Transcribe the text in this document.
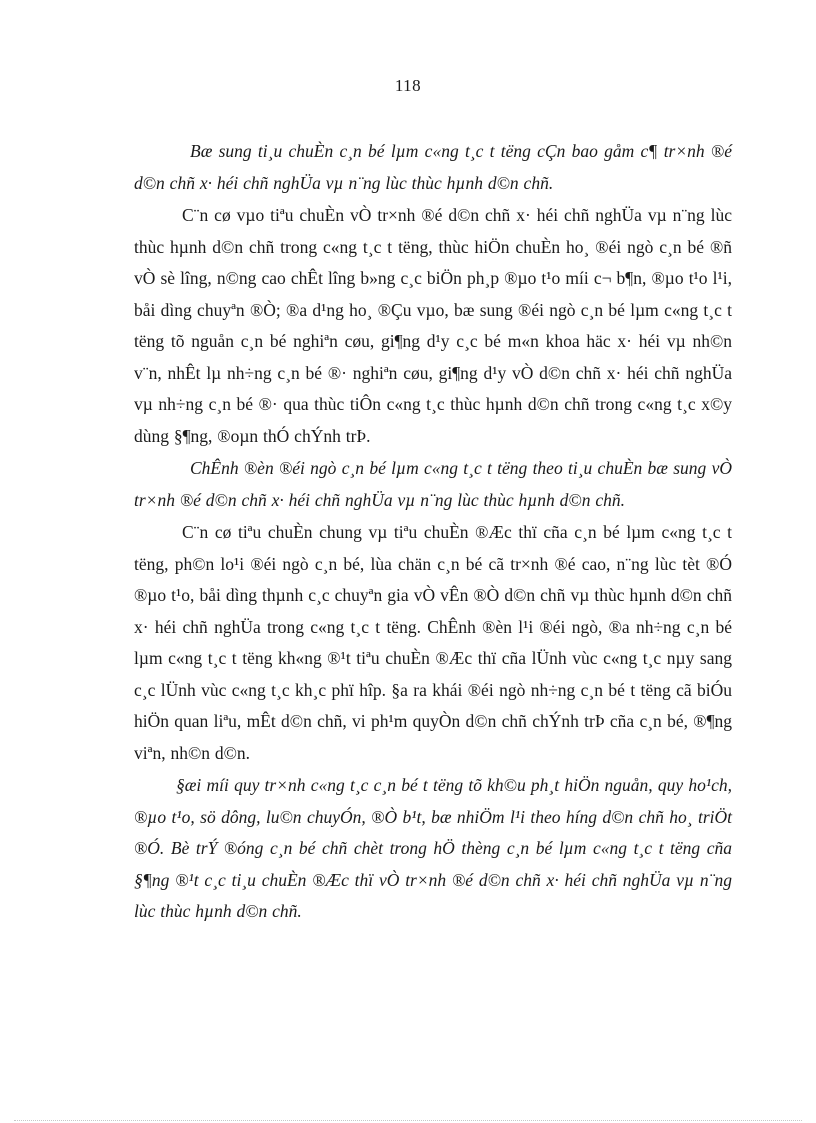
118

Bæ sung ti¸u chuÈn c¸n bé lµm c«ng t¸c t tëng cÇn bao gåm c¶ tr×nh ®é d©n chñ x· héi chñ nghÜa vµ n¨ng lùc thùc hµnh d©n chñ.

C¨n cø vµo tiªu chuÈn vÒ tr×nh ®é d©n chñ x· héi chñ nghÜa vµ n¨ng lùc thùc hµnh d©n chñ trong c«ng t¸c t tëng, thùc hiÖn chuÈn ho¸ ®éi ngò c¸n bé ®ñ vÒ sè lîng, n©ng cao chÊt lîng b»ng c¸c biÖn ph¸p ®µo t¹o míi c¬ b¶n, ®µo t¹o l¹i, båi dìng chuyªn ®Ò; ®a d¹ng ho¸ ®Çu vµo, bæ sung ®éi ngò c¸n bé lµm c«ng t¸c t tëng tõ nguån c¸n bé nghiªn cøu, gi¶ng d¹y c¸c bé m«n khoa häc x· héi vµ nh©n v¨n, nhÊt lµ nh÷ng c¸n bé ®· nghiªn cøu, gi¶ng d¹y vÒ d©n chñ x· héi chñ nghÜa vµ nh÷ng c¸n bé ®· qua thùc tiÔn c«ng t¸c thùc hµnh d©n chñ trong c«ng t¸c x©y dùng §¶ng, ®oµn thÓ chÝnh trÞ.

ChÊnh ®èn ®éi ngò c¸n bé lµm c«ng t¸c t tëng theo ti¸u chuÈn bæ sung vÒ tr×nh ®é d©n chñ x· héi chñ nghÜa vµ n¨ng lùc thùc hµnh d©n chñ.

C¨n cø tiªu chuÈn chung vµ tiªu chuÈn ®Æc thï cña c¸n bé lµm c«ng t¸c t tëng, ph©n lo¹i ®éi ngò c¸n bé, lùa chän c¸n bé cã tr×nh ®é cao, n¨ng lùc tèt ®Ó ®µo t¹o, båi dìng thµnh c¸c chuyªn gia vÒ vÊn ®Ò d©n chñ vµ thùc hµnh d©n chñ x· héi chñ nghÜa trong c«ng t¸c t tëng. ChÊnh ®èn l¹i ®éi ngò, ®a nh÷ng c¸n bé lµm c«ng t¸c t tëng kh«ng ®¹t tiªu chuÈn ®Æc thï cña lÜnh vùc c«ng t¸c nµy sang c¸c lÜnh vùc c«ng t¸c kh¸c phï hîp. §a ra khái ®éi ngò nh÷ng c¸n bé t tëng cã biÓu hiÖn quan liªu, mÊt d©n chñ, vi ph¹m quyÒn d©n chñ chÝnh trÞ cña c¸n bé, ®¶ng viªn, nh©n d©n.

§æi míi quy tr×nh c«ng t¸c c¸n bé t tëng tõ kh©u ph¸t hiÖn nguån, quy ho¹ch, ®µo t¹o, sö dông, lu©n chuyÓn, ®Ò b¹t, bæ nhiÖm l¹i theo híng d©n chñ ho¸ triÖt ®Ó. Bè trÝ ®óng c¸n bé chñ chèt trong hÖ thèng c¸n bé lµm c«ng t¸c t tëng cña §¶ng ®¹t c¸c ti¸u chuÈn ®Æc thï vÒ tr×nh ®é d©n chñ x· héi chñ nghÜa vµ n¨ng lùc thùc hµnh d©n chñ.
